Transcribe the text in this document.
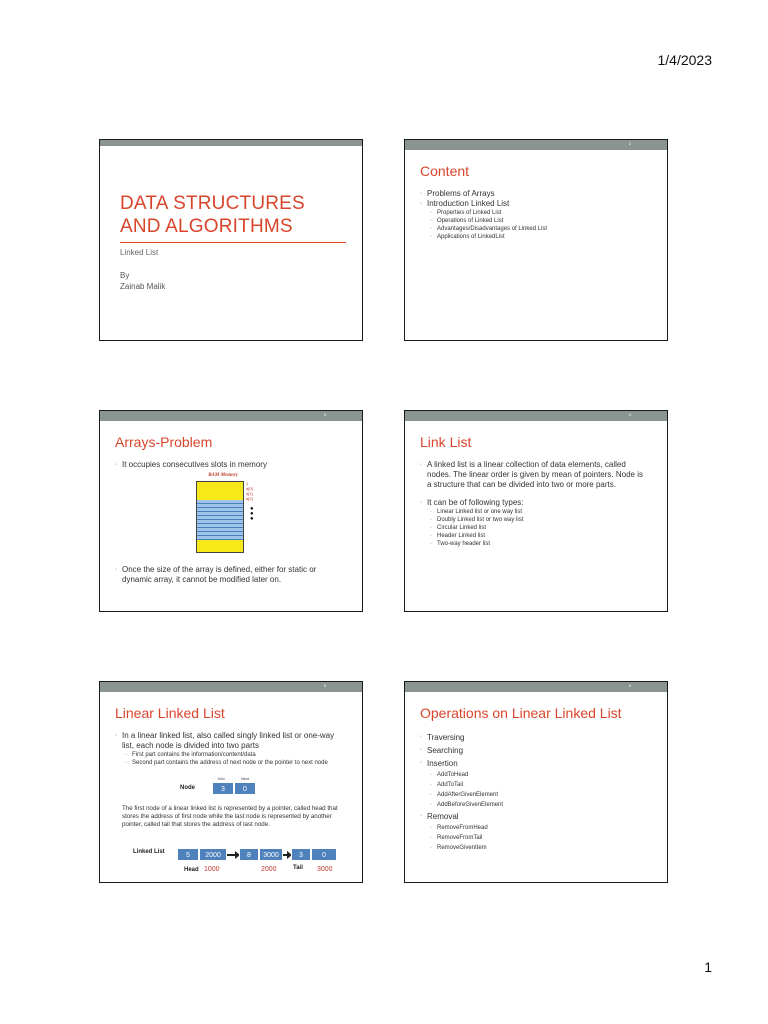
1/4/2023
DATA STRUCTURES
AND ALGORITHMS
Linked List
By
Zainab Malik
2
Content
◦ Problems of Arrays
◦ Introduction Linked List
◦ Properties of Linked List
◦ Operations of Linked List
◦ Advantages/Disadvantages of Linked List
◦ Applications of LinkedList
3
Arrays-Problem
◦ It occupies consecutives slots in memory
RAM Memory
1
a[0]
a[1]
a[2]
●
●
●
◦ Once the size of the array is defined, either for static or dynamic array, it cannot be modified later on.
4
Link List
◦ A linked list is a linear collection of data elements, called nodes. The linear order is given by mean of pointers. Node is a structure that can be divided into two or more parts.
◦ It can be of following types:
◦ Linear Linked list or one way list
◦ Doubly Linked list or two way list
◦ Circular Linked list
◦ Header Linked list
◦ Two-way header list
5
Linear Linked List
◦ In a linear linked list, also called singly linked list or one-way list, each node is divided into two parts
◦ First part contains the information/content/data
◦ Second part contains the address of next node or the pointer to next node
Node
Info	Next
3	0
◦ The first node of a linear linked list is represented by a pointer, called head that stores the address of first node while the last node is represented by another pointer, called tail that stores the address of last node.
Linked List	5	2000	8	3000	3	0
Head 1000	2000	Tail 3000
6
Operations on Linear Linked List
◦ Traversing
◦ Searching
◦ Insertion
◦ AddToHead
◦ AddToTail
◦ AddAfterGivenElement
◦ AddBeforeGivenElement
◦ Removal
◦ RemoveFromHead
◦ RemoveFromTail
◦ RemoveGivenItem
1
